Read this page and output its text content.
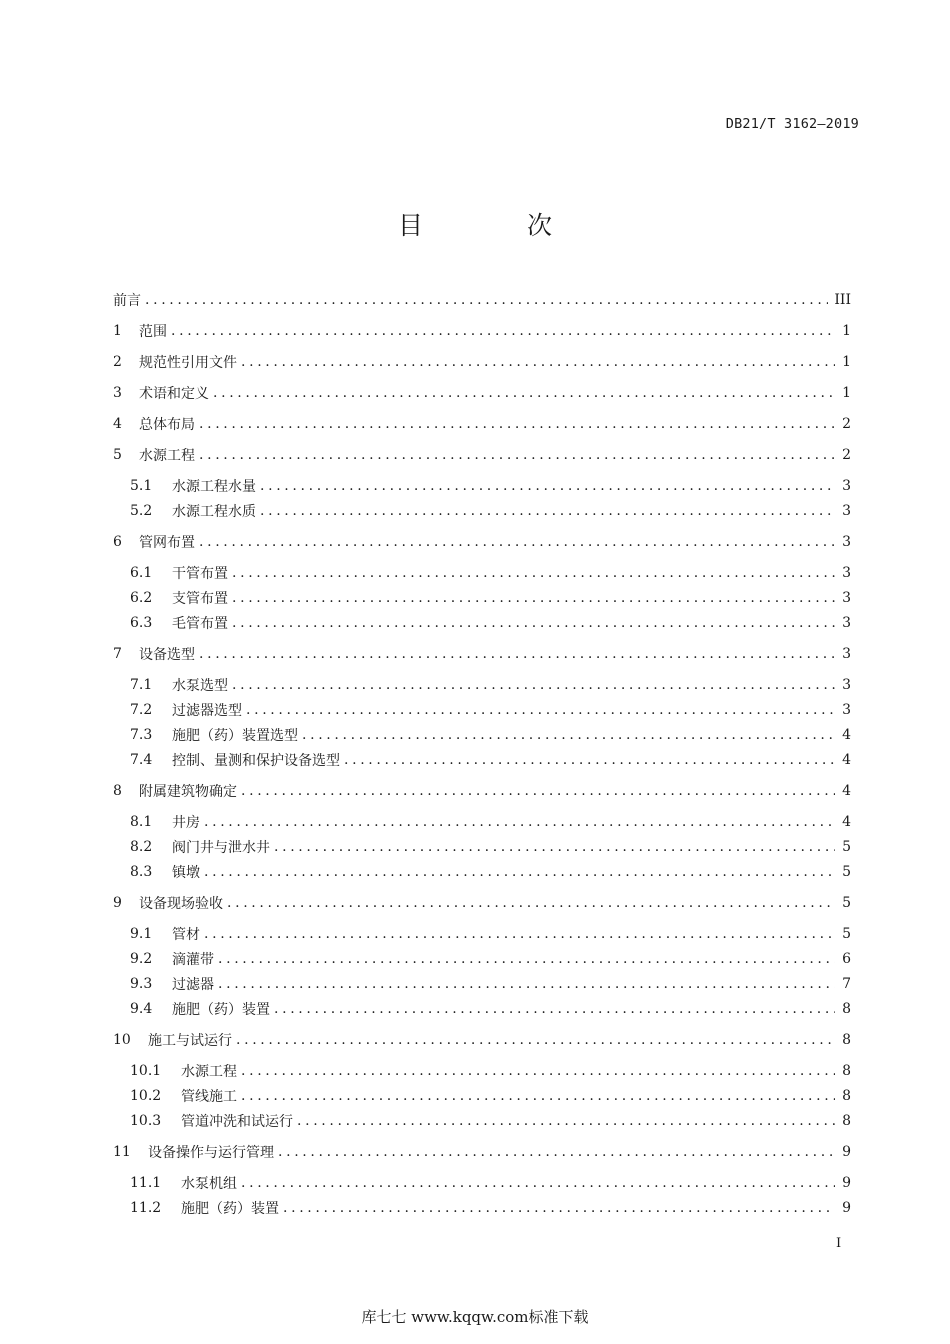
DB21/T 3162—2019
目 次
前言 . . .	III
1	范围 . . .	1
2	规范性引用文件 . . .	1
3	术语和定义 . . .	1
4	总体布局 . . .	2
5	水源工程 . . .	2
5.1	水源工程水量 . . .	3
5.2	水源工程水质 . . .	3
6	管网布置 . . .	3
6.1	干管布置 . . .	3
6.2	支管布置 . . .	3
6.3	毛管布置 . . .	3
7	设备选型 . . .	3
7.1	水泵选型 . . .	3
7.2	过滤器选型 . . .	3
7.3	施肥（药）装置选型 . . .	4
7.4	控制、量测和保护设备选型 . . .	4
8	附属建筑物确定 . . .	4
8.1	井房 . . .	4
8.2	阀门井与泄水井 . . .	5
8.3	镇墩 . . .	5
9	设备现场验收 . . .	5
9.1	管材 . . .	5
9.2	滴灌带 . . .	6
9.3	过滤器 . . .	7
9.4	施肥（药）装置 . . .	8
10	施工与试运行 . . .	8
10.1	水源工程 . . .	8
10.2	管线施工 . . .	8
10.3	管道冲洗和试运行 . . .	8
11	设备操作与运行管理 . . .	9
11.1	水泵机组 . . .	9
11.2	施肥（药）装置 . . .	9
I
库七七 www.kqqw.com标准下载
